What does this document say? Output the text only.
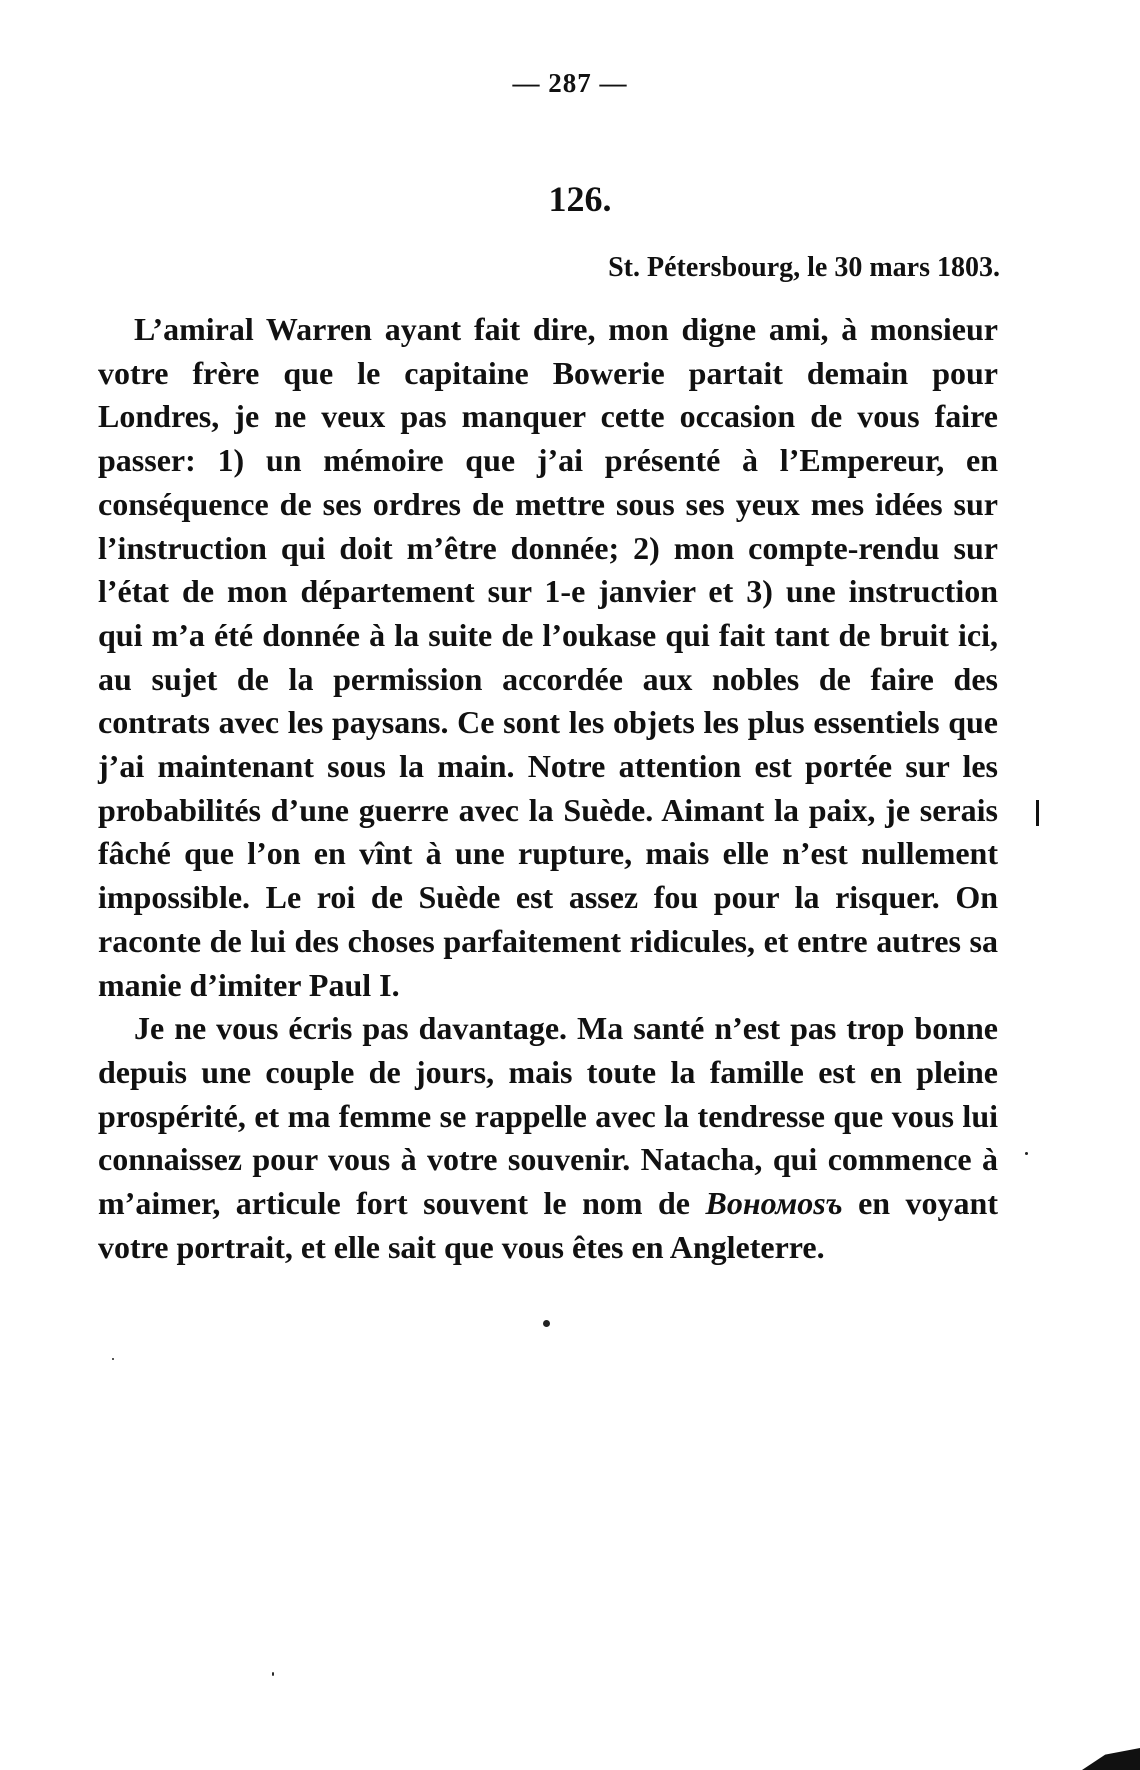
— 287 —
126.
St. Pétersbourg, le 30 mars 1803.

L’amiral Warren ayant fait dire, mon digne ami, à monsieur votre frère que le capitaine Bowerie partait demain pour Londres, je ne veux pas manquer cette occasion de vous faire passer: 1) un mémoire que j’ai présenté à l’Empereur, en conséquence de ses ordres de mettre sous ses yeux mes idées sur l’instruction qui doit m’être donnée; 2) mon compte-rendu sur l’état de mon département sur 1-e janvier et 3) une instruction qui m’a été donnée à la suite de l’oukase qui fait tant de bruit ici, au sujet de la permission accordée aux nobles de faire des contrats avec les paysans. Ce sont les objets les plus essentiels que j’ai maintenant sous la main. Notre attention est portée sur les probabilités d’une guerre avec la Suède. Aimant la paix, je serais fâché que l’on en vînt à une rupture, mais elle n’est nullement impossible. Le roi de Suède est assez fou pour la risquer. On raconte de lui des choses parfaitement ridicules, et entre autres sa manie d’imiter Paul I.

Je ne vous écris pas davantage. Ma santé n’est pas trop bonne depuis une couple de jours, mais toute la famille est en pleine prospérité, et ma femme se rappelle avec la tendresse que vous lui connaissez pour vous à votre souvenir. Natacha, qui commence à m’aimer, articule fort souvent le nom de Boномоsъ en voyant votre portrait, et elle sait que vous êtes en Angleterre.
